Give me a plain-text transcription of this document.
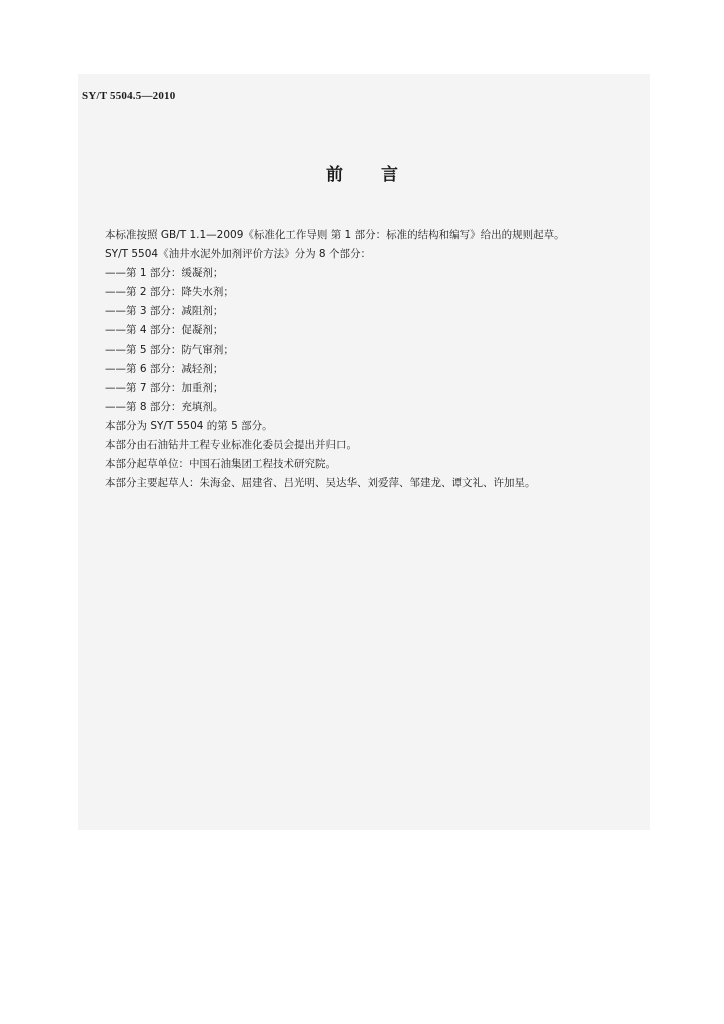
SY/T 5504.5—2010
前言

本标准按照 GB/T 1.1—2009《标准化工作导则 第 1 部分：标准的结构和编写》给出的规则起草。

SY/T 5504《油井水泥外加剂评价方法》分为 8 个部分：

——第 1 部分：缓凝剂；

——第 2 部分：降失水剂；

——第 3 部分：减阻剂；

——第 4 部分：促凝剂；

——第 5 部分：防气窜剂；

——第 6 部分：减轻剂；

——第 7 部分：加重剂；

——第 8 部分：充填剂。

本部分为 SY/T 5504 的第 5 部分。

本部分由石油钻井工程专业标准化委员会提出并归口。

本部分起草单位：中国石油集团工程技术研究院。

本部分主要起草人：朱海金、屈建省、吕光明、吴达华、刘爱萍、邹建龙、谭文礼、许加星。
